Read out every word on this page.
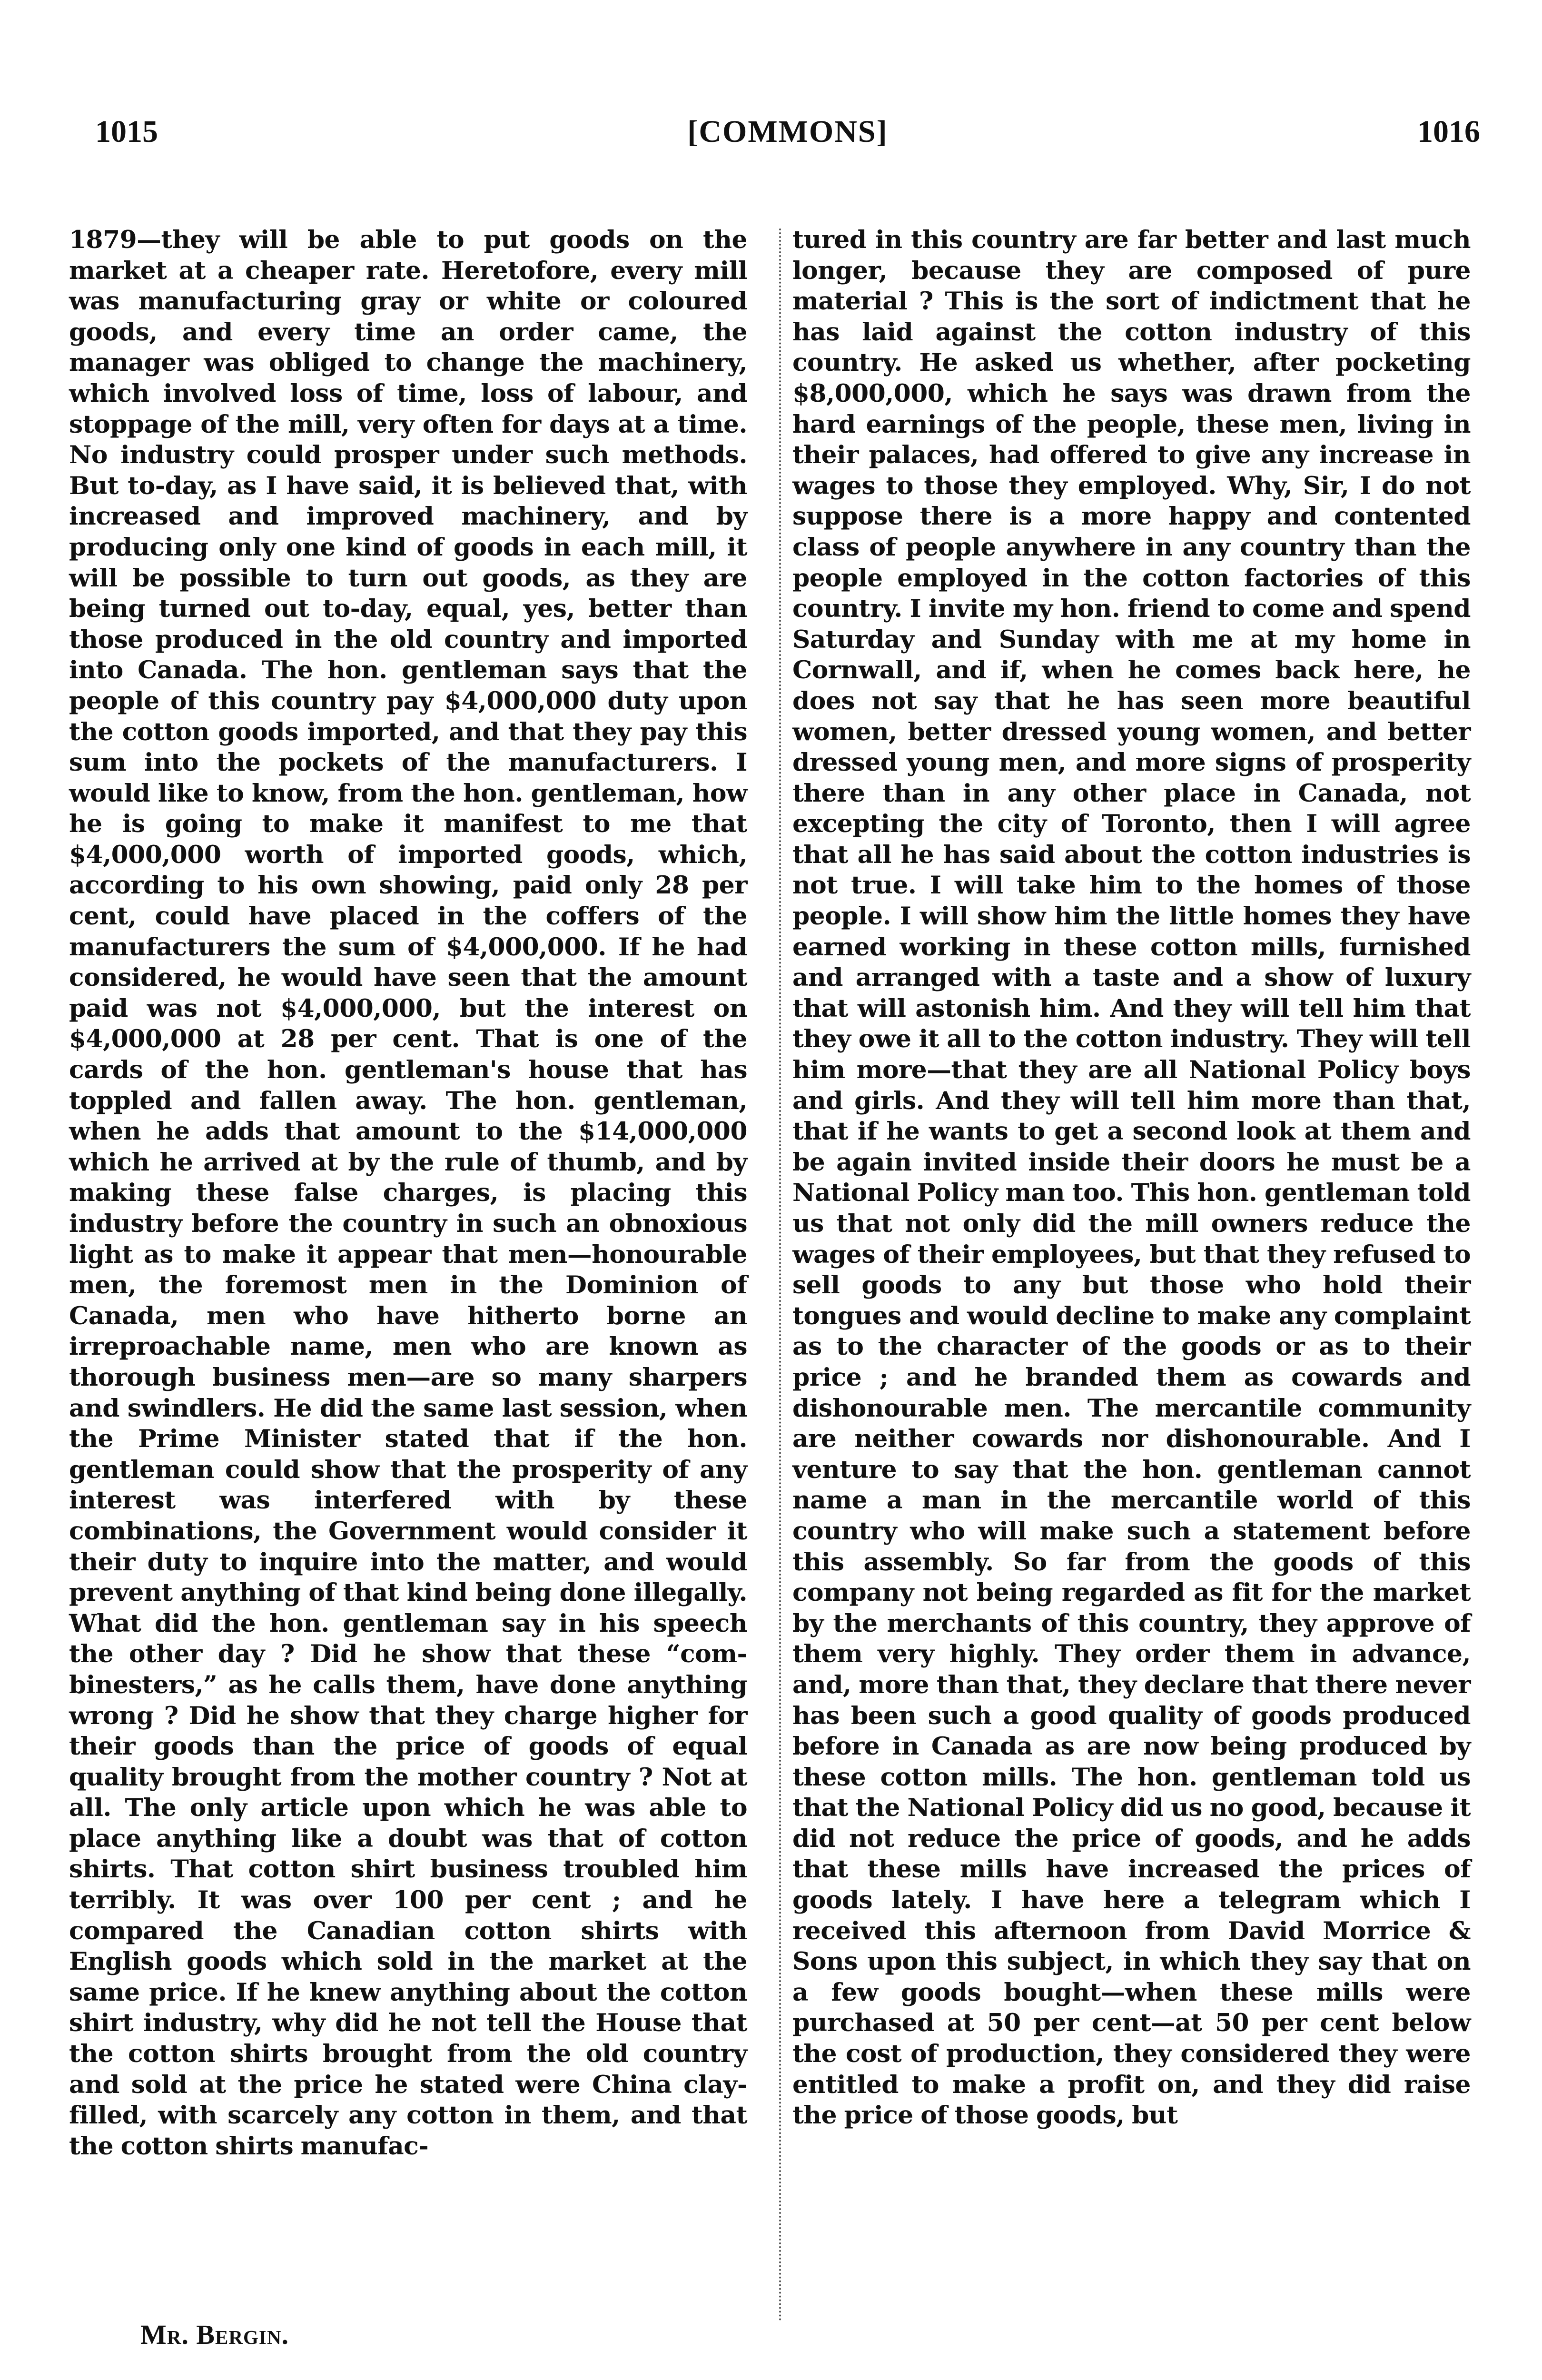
1015	[COMMONS]	1016
1879—they will be able to put goods on the market at a cheaper rate. Heretofore, every mill was manufacturing gray or white or coloured goods, and every time an order came, the manager was obliged to change the machinery, which involved loss of time, loss of labour, and stoppage of the mill, very often for days at a time. No industry could prosper under such methods. But to-day, as I have said, it is believed that, with increased and improved machinery, and by producing only one kind of goods in each mill, it will be possible to turn out goods, as they are being turned out to-day, equal, yes, better than those produced in the old country and imported into Canada. The hon. gentleman says that the people of this country pay $4,000,000 duty upon the cotton goods imported, and that they pay this sum into the pockets of the manufacturers. I would like to know, from the hon. gentleman, how he is going to make it manifest to me that $4,000,000 worth of imported goods, which, according to his own showing, paid only 28 per cent, could have placed in the coffers of the manufacturers the sum of $4,000,000. If he had considered, he would have seen that the amount paid was not $4,000,000, but the interest on $4,000,000 at 28 per cent. That is one of the cards of the hon. gentleman's house that has toppled and fallen away. The hon. gentleman, when he adds that amount to the $14,000,000 which he arrived at by the rule of thumb, and by making these false charges, is placing this industry before the country in such an obnoxious light as to make it appear that men—honourable men, the foremost men in the Dominion of Canada, men who have hitherto borne an irreproachable name, men who are known as thorough business men—are so many sharpers and swindlers. He did the same last session, when the Prime Minister stated that if the hon. gentleman could show that the prosperity of any interest was interfered with by these combinations, the Government would consider it their duty to inquire into the matter, and would prevent anything of that kind being done illegally. What did the hon. gentleman say in his speech the other day ? Did he show that these “combinesters,” as he calls them, have done anything wrong ? Did he show that they charge higher for their goods than the price of goods of equal quality brought from the mother country ? Not at all. The only article upon which he was able to place anything like a doubt was that of cotton shirts. That cotton shirt business troubled him terribly. It was over 100 per cent ; and he compared the Canadian cotton shirts with English goods which sold in the market at the same price. If he knew anything about the cotton shirt industry, why did he not tell the House that the cotton shirts brought from the old country and sold at the price he stated were China clay-filled, with scarcely any cotton in them, and that the cotton shirts manufac-
tured in this country are far better and last much longer, because they are composed of pure material ? This is the sort of indictment that he has laid against the cotton industry of this country. He asked us whether, after pocketing $8,000,000, which he says was drawn from the hard earnings of the people, these men, living in their palaces, had offered to give any increase in wages to those they employed. Why, Sir, I do not suppose there is a more happy and contented class of people anywhere in any country than the people employed in the cotton factories of this country. I invite my hon. friend to come and spend Saturday and Sunday with me at my home in Cornwall, and if, when he comes back here, he does not say that he has seen more beautiful women, better dressed young women, and better dressed young men, and more signs of prosperity there than in any other place in Canada, not excepting the city of Toronto, then I will agree that all he has said about the cotton industries is not true. I will take him to the homes of those people. I will show him the little homes they have earned working in these cotton mills, furnished and arranged with a taste and a show of luxury that will astonish him. And they will tell him that they owe it all to the cotton industry. They will tell him more—that they are all National Policy boys and girls. And they will tell him more than that, that if he wants to get a second look at them and be again invited inside their doors he must be a National Policy man too. This hon. gentleman told us that not only did the mill owners reduce the wages of their employees, but that they refused to sell goods to any but those who hold their tongues and would decline to make any complaint as to the character of the goods or as to their price ; and he branded them as cowards and dishonourable men. The mercantile community are neither cowards nor dishonourable. And I venture to say that the hon. gentleman cannot name a man in the mercantile world of this country who will make such a statement before this assembly. So far from the goods of this company not being regarded as fit for the market by the merchants of this country, they approve of them very highly. They order them in advance, and, more than that, they declare that there never has been such a good quality of goods produced before in Canada as are now being produced by these cotton mills. The hon. gentleman told us that the National Policy did us no good, because it did not reduce the price of goods, and he adds that these mills have increased the prices of goods lately. I have here a telegram which I received this afternoon from David Morrice & Sons upon this subject, in which they say that on a few goods bought—when these mills were purchased at 50 per cent—at 50 per cent below the cost of production, they considered they were entitled to make a profit on, and they did raise the price of those goods, but
Mr. Bergin.
